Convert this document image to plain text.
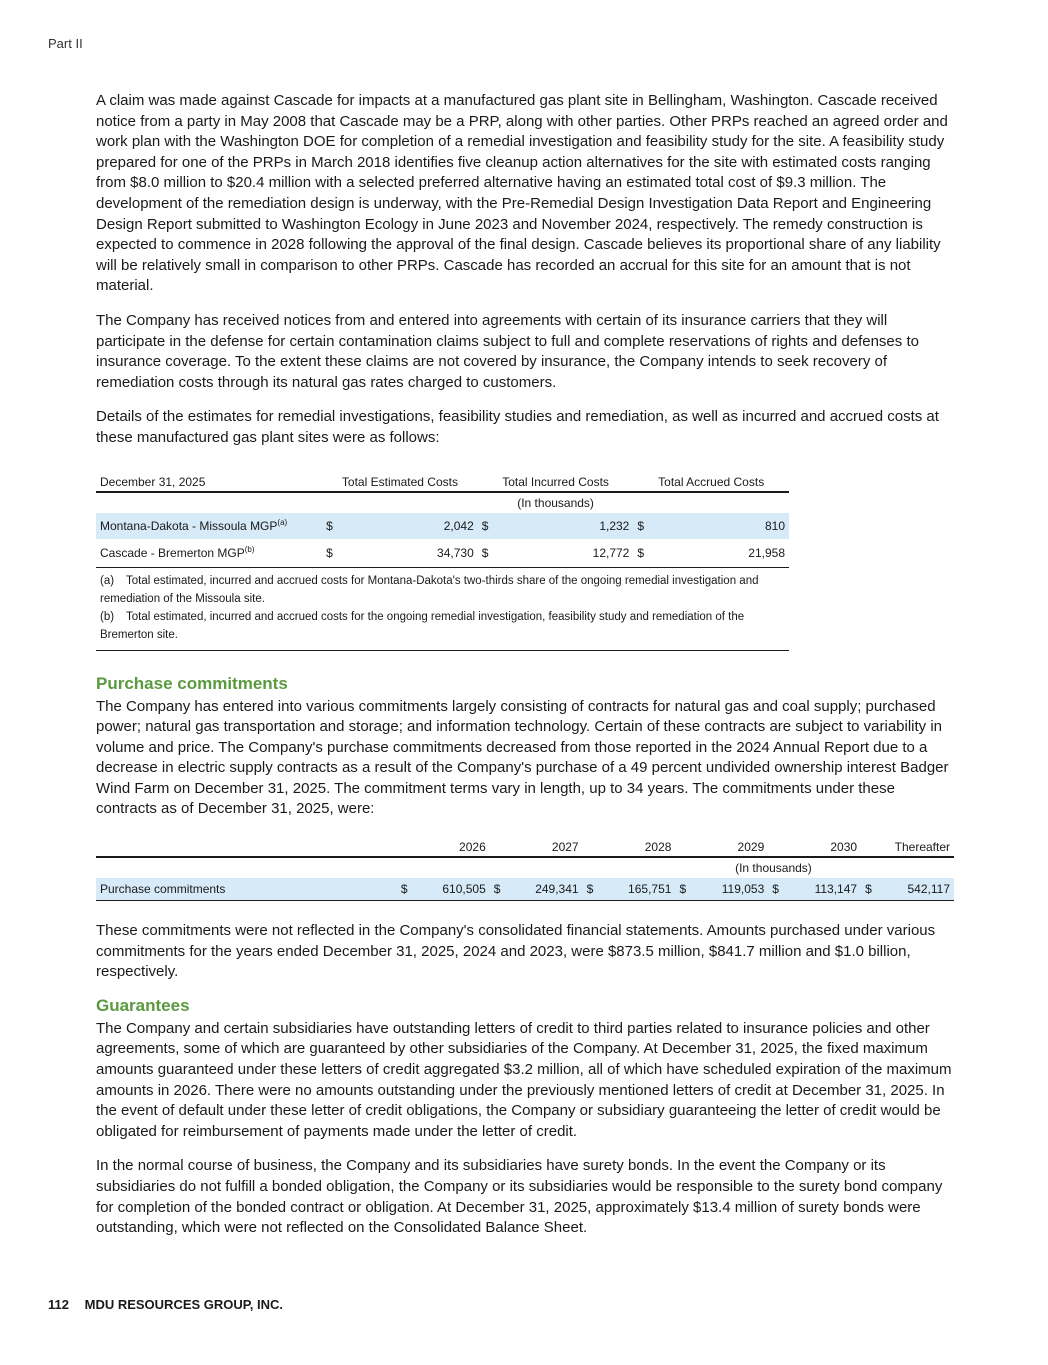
Part II

A claim was made against Cascade for impacts at a manufactured gas plant site in Bellingham, Washington. Cascade received notice from a party in May 2008 that Cascade may be a PRP, along with other parties. Other PRPs reached an agreed order and work plan with the Washington DOE for completion of a remedial investigation and feasibility study for the site. A feasibility study prepared for one of the PRPs in March 2018 identifies five cleanup action alternatives for the site with estimated costs ranging from $8.0 million to $20.4 million with a selected preferred alternative having an estimated total cost of $9.3 million. The development of the remediation design is underway, with the Pre-Remedial Design Investigation Data Report and Engineering Design Report submitted to Washington Ecology in June 2023 and November 2024, respectively. The remedy construction is expected to commence in 2028 following the approval of the final design. Cascade believes its proportional share of any liability will be relatively small in comparison to other PRPs. Cascade has recorded an accrual for this site for an amount that is not material.

The Company has received notices from and entered into agreements with certain of its insurance carriers that they will participate in the defense for certain contamination claims subject to full and complete reservations of rights and defenses to insurance coverage. To the extent these claims are not covered by insurance, the Company intends to seek recovery of remediation costs through its natural gas rates charged to customers.

Details of the estimates for remedial investigations, feasibility studies and remediation, as well as incurred and accrued costs at these manufactured gas plant sites were as follows:

December 31, 2025	Total Estimated Costs		Total Incurred Costs		Total Accrued Costs	
	(In thousands)					
Montana-Dakota - Missoula MGP$^{(a)}$	$	2,042	$	1,232	$	810
Cascade - Bremerton MGP$^{(b)}$	$	34,730	$	12,772	$	21,958
(a) Total estimated, incurred and accrued costs for Montana-Dakota's two-thirds share of the ongoing remedial investigation and remediation of the Missoula site.
(b) Total estimated, incurred and accrued costs for the ongoing remedial investigation, feasibility study and remediation of the Bremerton site.
Purchase commitments

The Company has entered into various commitments largely consisting of contracts for natural gas and coal supply; purchased power; natural gas transportation and storage; and information technology. Certain of these contracts are subject to variability in volume and price. The Company's purchase commitments decreased from those reported in the 2024 Annual Report due to a decrease in electric supply contracts as a result of the Company's purchase of a 49 percent undivided ownership interest Badger Wind Farm on December 31, 2025. The commitment terms vary in length, up to 34 years. The commitments under these contracts as of December 31, 2025, were:

	2026		2027		2028		2029		2030		Thereafter	
	(In thousands)											
Purchase commitments	$	610,505	$	249,341	$	165,751	$	119,053	$	113,147	$	542,117

These commitments were not reflected in the Company's consolidated financial statements. Amounts purchased under various commitments for the years ended December 31, 2025, 2024 and 2023, were $873.5 million, $841.7 million and $1.0 billion, respectively.

Guarantees

The Company and certain subsidiaries have outstanding letters of credit to third parties related to insurance policies and other agreements, some of which are guaranteed by other subsidiaries of the Company. At December 31, 2025, the fixed maximum amounts guaranteed under these letters of credit aggregated $3.2 million, all of which have scheduled expiration of the maximum amounts in 2026. There were no amounts outstanding under the previously mentioned letters of credit at December 31, 2025. In the event of default under these letter of credit obligations, the Company or subsidiary guaranteeing the letter of credit would be obligated for reimbursement of payments made under the letter of credit.

In the normal course of business, the Company and its subsidiaries have surety bonds. In the event the Company or its subsidiaries do not fulfill a bonded obligation, the Company or its subsidiaries would be responsible to the surety bond company for completion of the bonded contract or obligation. At December 31, 2025, approximately $13.4 million of surety bonds were outstanding, which were not reflected on the Consolidated Balance Sheet.

112 MDU RESOURCES GROUP, INC.
